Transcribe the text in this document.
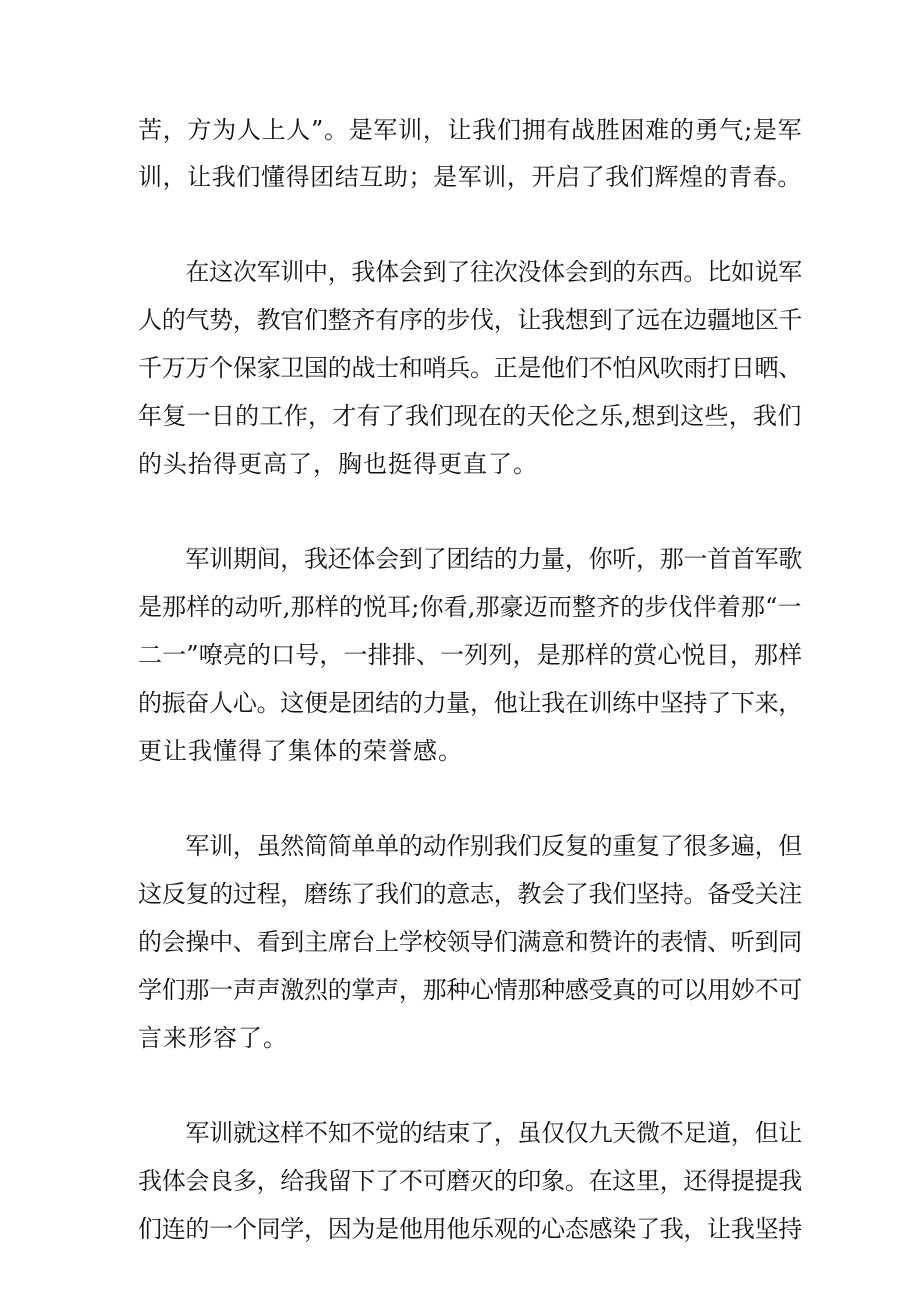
苦，方为人上人”。是军训，让我们拥有战胜困难的勇气;是军
训，让我们懂得团结互助；是军训，开启了我们辉煌的青春。
　　在这次军训中，我体会到了往次没体会到的东西。比如说军
人的气势，教官们整齐有序的步伐，让我想到了远在边疆地区千
千万万个保家卫国的战士和哨兵。正是他们不怕风吹雨打日晒、
年复一日的工作，才有了我们现在的天伦之乐,想到这些，我们
的头抬得更高了，胸也挺得更直了。
　　军训期间，我还体会到了团结的力量，你听，那一首首军歌
是那样的动听,那样的悦耳;你看,那豪迈而整齐的步伐伴着那“一
二一”嘹亮的口号，一排排、一列列，是那样的赏心悦目，那样
的振奋人心。这便是团结的力量，他让我在训练中坚持了下来，
更让我懂得了集体的荣誉感。
　　军训，虽然简简单单的动作别我们反复的重复了很多遍，但
这反复的过程，磨练了我们的意志，教会了我们坚持。备受关注
的会操中、看到主席台上学校领导们满意和赞许的表情、听到同
学们那一声声激烈的掌声，那种心情那种感受真的可以用妙不可
言来形容了。
　　军训就这样不知不觉的结束了，虽仅仅九天微不足道，但让
我体会良多，给我留下了不可磨灭的印象。在这里，还得提提我
们连的一个同学，因为是他用他乐观的心态感染了我，让我坚持
